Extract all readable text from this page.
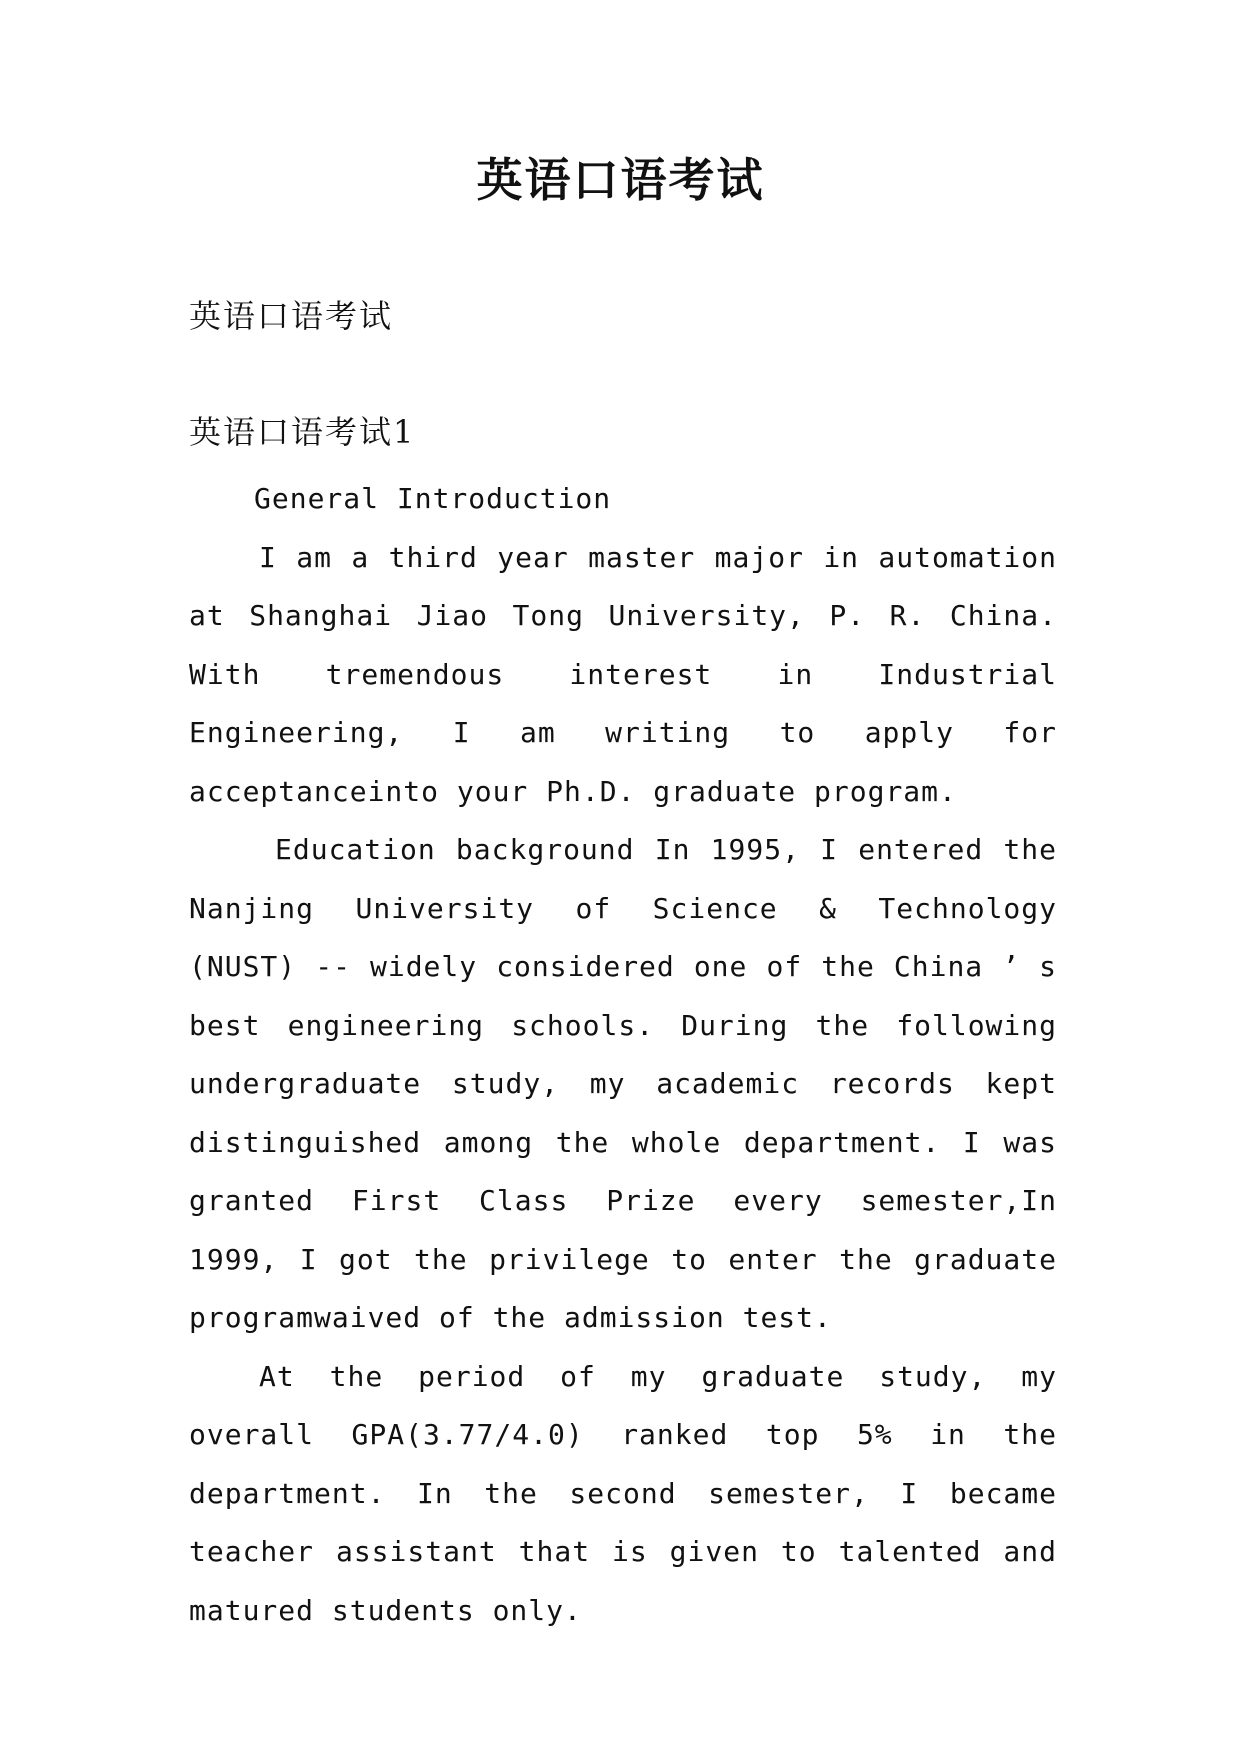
英语口语考试
英语口语考试
英语口语考试1

General Introduction

I am a third year master major in automation at Shanghai Jiao Tong University, P. R. China. With tremendous interest in Industrial Engineering, I am writing to apply for acceptanceinto your Ph.D. graduate program.

Education background In 1995, I entered the Nanjing University of Science & Technology (NUST) -- widely considered one of the China ’ s best engineering schools. During the following undergraduate study, my academic records kept distinguished among the whole department. I was granted First Class Prize every semester,In 1999, I got the privilege to enter the graduate programwaived of the admission test.

At the period of my graduate study, my overall GPA(3.77/4.0) ranked top 5% in the department. In the second semester, I became teacher assistant that is given to talented and matured students only.
